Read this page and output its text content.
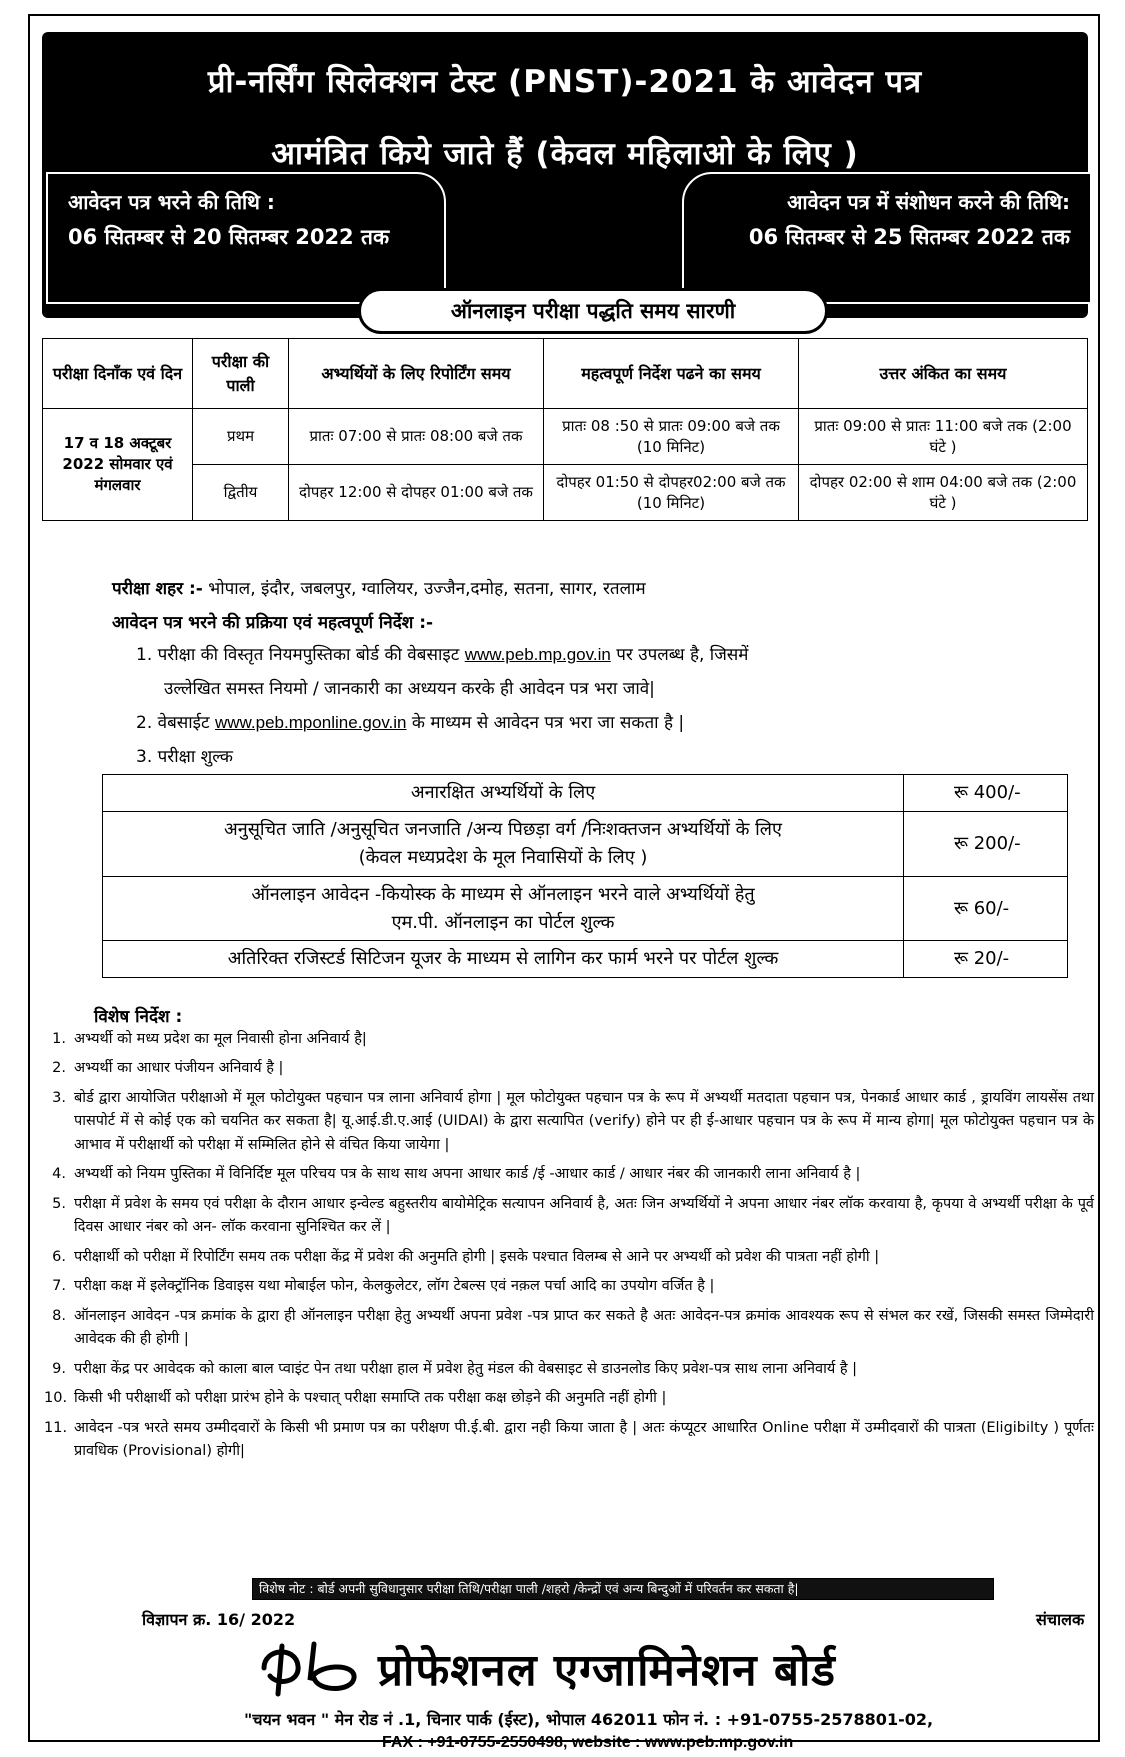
प्री-नर्सिंग सिलेक्शन टेस्ट (PNST)-2021 के आवेदन पत्र
आमंत्रित किये जाते हैं (केवल महिलाओ के लिए )
आवेदन पत्र भरने की तिथि :
06 सितम्बर से 20 सितम्बर 2022 तक
आवेदन पत्र में संशोधन करने की तिथि:
06 सितम्बर से 25 सितम्बर 2022 तक
ऑनलाइन परीक्षा पद्धति समय सारणी
परीक्षा दिनाँक एवं दिन	परीक्षा की पाली	अभ्यर्थियों के लिए रिपोर्टिंग समय	महत्वपूर्ण निर्देश पढने का समय	उत्तर अंकित का समय
17 व 18 अक्टूबर 2022 सोमवार एवं मंगलवार	प्रथम	प्रातः 07:00 से प्रातः 08:00 बजे तक	प्रातः 08 :50 से प्रातः 09:00 बजे तक (10 मिनिट)	प्रातः 09:00 से प्रातः 11:00 बजे तक (2:00 घंटे )
	द्वितीय	दोपहर 12:00 से दोपहर 01:00 बजे तक	दोपहर 01:50 से दोपहर02:00 बजे तक (10 मिनिट)	दोपहर 02:00 से शाम 04:00 बजे तक (2:00 घंटे )
परीक्षा शहर :- भोपाल, इंदौर, जबलपुर, ग्वालियर, उज्जैन,दमोह, सतना, सागर, रतलाम
आवेदन पत्र भरने की प्रक्रिया एवं महत्वपूर्ण निर्देश :-
1. परीक्षा की विस्तृत नियमपुस्तिका बोर्ड की वेबसाइट www.peb.mp.gov.in पर उपलब्ध है, जिसमें
उल्लेखित समस्त नियमो / जानकारी का अध्ययन करके ही आवेदन पत्र भरा जावे|
2. वेबसाईट www.peb.mponline.gov.in के माध्यम से आवेदन पत्र भरा जा सकता है |
3. परीक्षा शुल्क
अनारक्षित अभ्यर्थियों के लिए	रू 400/-
अनुसूचित जाति /अनुसूचित जनजाति /अन्य पिछड़ा वर्ग /निःशक्तजन अभ्यर्थियों के लिए
(केवल मध्यप्रदेश के मूल निवासियों के लिए )	रू 200/-
ऑनलाइन आवेदन -कियोस्क के माध्यम से ऑनलाइन भरने वाले अभ्यर्थियों हेतु
एम.पी. ऑनलाइन का पोर्टल शुल्क	रू 60/-
अतिरिक्त रजिस्टर्ड सिटिजन यूजर के माध्यम से लागिन कर फार्म भरने पर पोर्टल शुल्क	रू 20/-
विशेष निर्देश :
1. अभ्यर्थी को मध्य प्रदेश का मूल निवासी होना अनिवार्य है|
2. अभ्यर्थी का आधार पंजीयन अनिवार्य है |
3. बोर्ड द्वारा आयोजित परीक्षाओ में मूल फोटोयुक्त पहचान पत्र लाना अनिवार्य होगा | मूल फोटोयुक्त पहचान पत्र के रूप में अभ्यर्थी मतदाता पहचान पत्र, पेनकार्ड आधार कार्ड , ड्रायविंग लायसेंस तथा पासपोर्ट में से कोई एक को चयनित कर सकता है| यू.आई.डी.ए.आई (UIDAI) के द्वारा सत्यापित (verify) होने पर ही ई-आधार पहचान पत्र के रूप में मान्य होगा| मूल फोटोयुक्त पहचान पत्र के आभाव में परीक्षार्थी को परीक्षा में सम्मिलित होने से वंचित किया जायेगा |
4. अभ्यर्थी को नियम पुस्तिका में विनिर्दिष्ट मूल परिचय पत्र के साथ साथ अपना आधार कार्ड /ई -आधार कार्ड / आधार नंबर की जानकारी लाना अनिवार्य है |
5. परीक्षा में प्रवेश के समय एवं परीक्षा के दौरान आधार इन्वेल्ड बहुस्तरीय बायोमेट्रिक सत्यापन अनिवार्य है, अतः जिन अभ्यर्थियों ने अपना आधार नंबर लॉक करवाया है, कृपया वे अभ्यर्थी परीक्षा के पूर्व दिवस आधार नंबर को अन- लॉक करवाना सुनिश्चित कर लें |
6. परीक्षार्थी को परीक्षा में रिपोर्टिंग समय तक परीक्षा केंद्र में प्रवेश की अनुमति होगी | इसके पश्चात विलम्ब से आने पर अभ्यर्थी को प्रवेश की पात्रता नहीं होगी |
7. परीक्षा कक्ष में इलेक्ट्रॉनिक डिवाइस यथा मोबाईल फोन, केलकुलेटर, लॉग टेबल्स एवं नक़ल पर्चा आदि का उपयोग वर्जित है |
8. ऑनलाइन आवेदन -पत्र क्रमांक के द्वारा ही ऑनलाइन परीक्षा हेतु अभ्यर्थी अपना प्रवेश -पत्र प्राप्त कर सकते है अतः आवेदन-पत्र क्रमांक आवश्यक रूप से संभल कर रखें, जिसकी समस्त जिम्मेदारी आवेदक की ही होगी |
9. परीक्षा केंद्र पर आवेदक को काला बाल प्वाइंट पेन तथा परीक्षा हाल में प्रवेश हेतु मंडल की वेबसाइट से डाउनलोड किए प्रवेश-पत्र साथ लाना अनिवार्य है |
10. किसी भी परीक्षार्थी को परीक्षा प्रारंभ होने के पश्चात् परीक्षा समाप्ति तक परीक्षा कक्ष छोड़ने की अनुमति नहीं होगी |
11. आवेदन -पत्र भरते समय उम्मीदवारों के किसी भी प्रमाण पत्र का परीक्षण पी.ई.बी. द्वारा नही किया जाता है | अतः कंप्यूटर आधारित Online परीक्षा में उम्मीदवारों की पात्रता (Eligibilty ) पूर्णतः प्रावधिक (Provisional) होगी|
विशेष नोट : बोर्ड अपनी सुविधानुसार परीक्षा तिथि/परीक्षा पाली /शहरो /केन्द्रों एवं अन्य बिन्दुओं में परिवर्तन कर सकता है|
विज्ञापन क्र. 16/ 2022	संचालक
प्रोफेशनल एग्जामिनेशन बोर्ड
"चयन भवन " मेन रोड नं .1, चिनार पार्क (ईस्ट), भोपाल 462011 फोन नं. : +91-0755-2578801-02,
FAX : +91-0755-2550498, website : www.peb.mp.gov.in
